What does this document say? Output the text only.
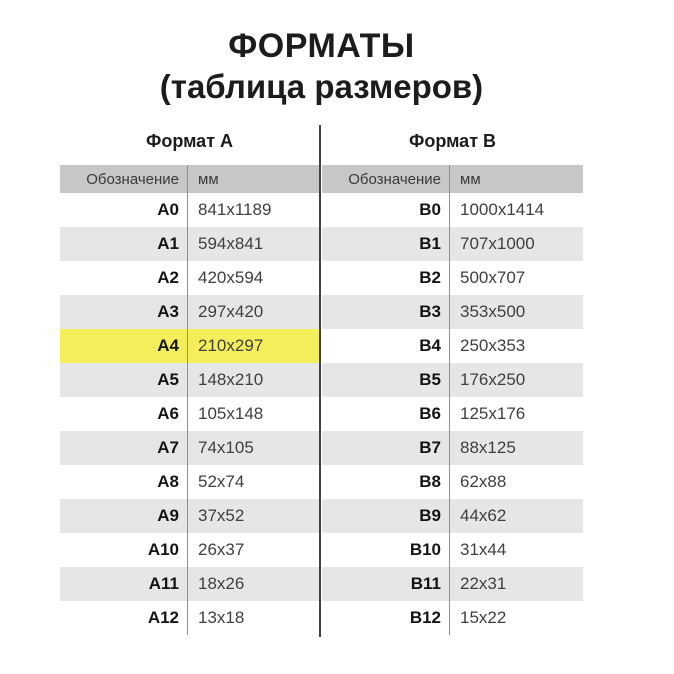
ФОРМАТЫ
(таблица размеров)
Формат A
Обозначение	мм
A0	841x1189
A1	594x841
A2	420x594
A3	297x420
A4	210x297
A5	148x210
A6	105x148
A7	74x105
A8	52x74
A9	37x52
A10	26x37
A11	18x26
A12	13x18
Формат B
Обозначение	мм
B0	1000x1414
B1	707x1000
B2	500x707
B3	353x500
B4	250x353
B5	176x250
B6	125x176
B7	88x125
B8	62x88
B9	44x62
B10	31x44
B11	22x31
B12	15x22
